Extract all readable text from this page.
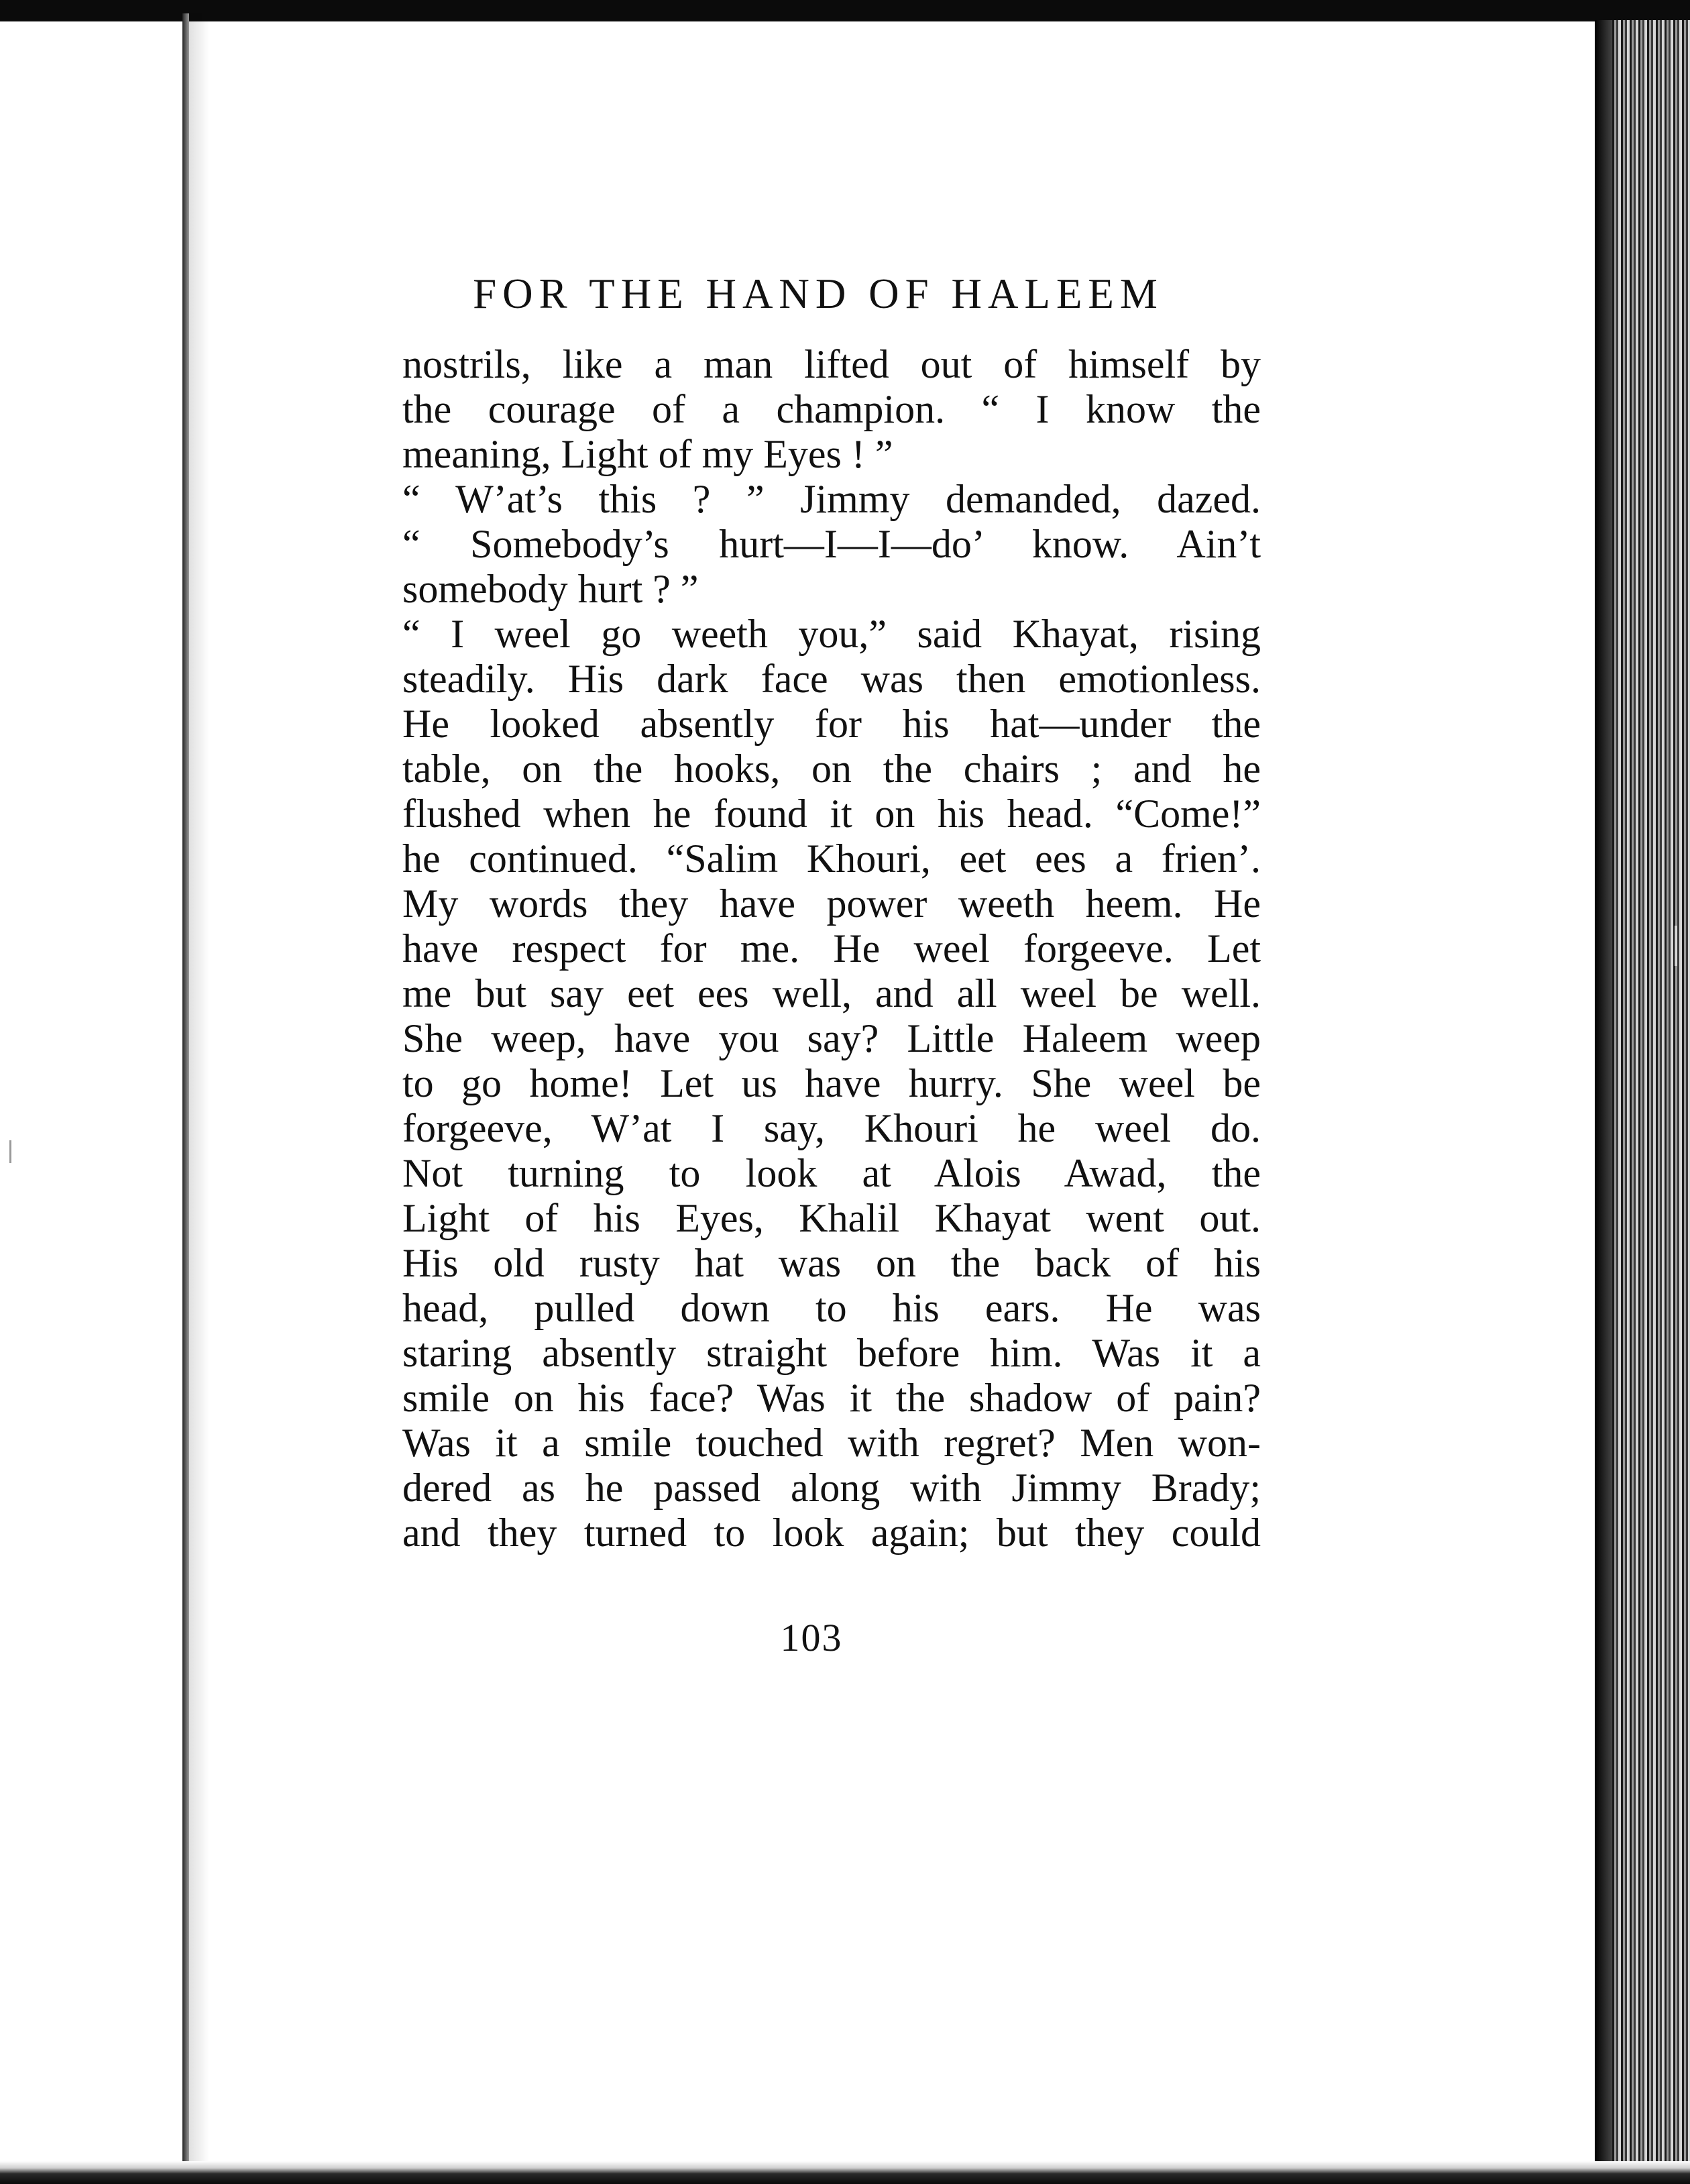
FOR THE HAND OF HALEEM
nostrils, like a man lifted out of himself by
the courage of a champion. “ I know the
meaning, Light of my Eyes ! ”
“ W’at’s this ? ” Jimmy demanded, dazed.
“ Somebody’s hurt—I—I—do’ know. Ain’t
somebody hurt ? ”
“ I weel go weeth you,” said Khayat, rising
steadily. His dark face was then emotionless.
He looked absently for his hat—under the
table, on the hooks, on the chairs ; and he
flushed when he found it on his head. “Come!”
he continued. “Salim Khouri, eet ees a frien’.
My words they have power weeth heem. He
have respect for me. He weel forgeeve. Let
me but say eet ees well, and all weel be well.
She weep, have you say? Little Haleem weep
to go home! Let us have hurry. She weel be
forgeeve, W’at I say, Khouri he weel do.
Not turning to look at Alois Awad, the
Light of his Eyes, Khalil Khayat went out.
His old rusty hat was on the back of his
head, pulled down to his ears. He was
staring absently straight before him. Was it a
smile on his face? Was it the shadow of pain?
Was it a smile touched with regret? Men won-
dered as he passed along with Jimmy Brady;
and they turned to look again; but they could
103
